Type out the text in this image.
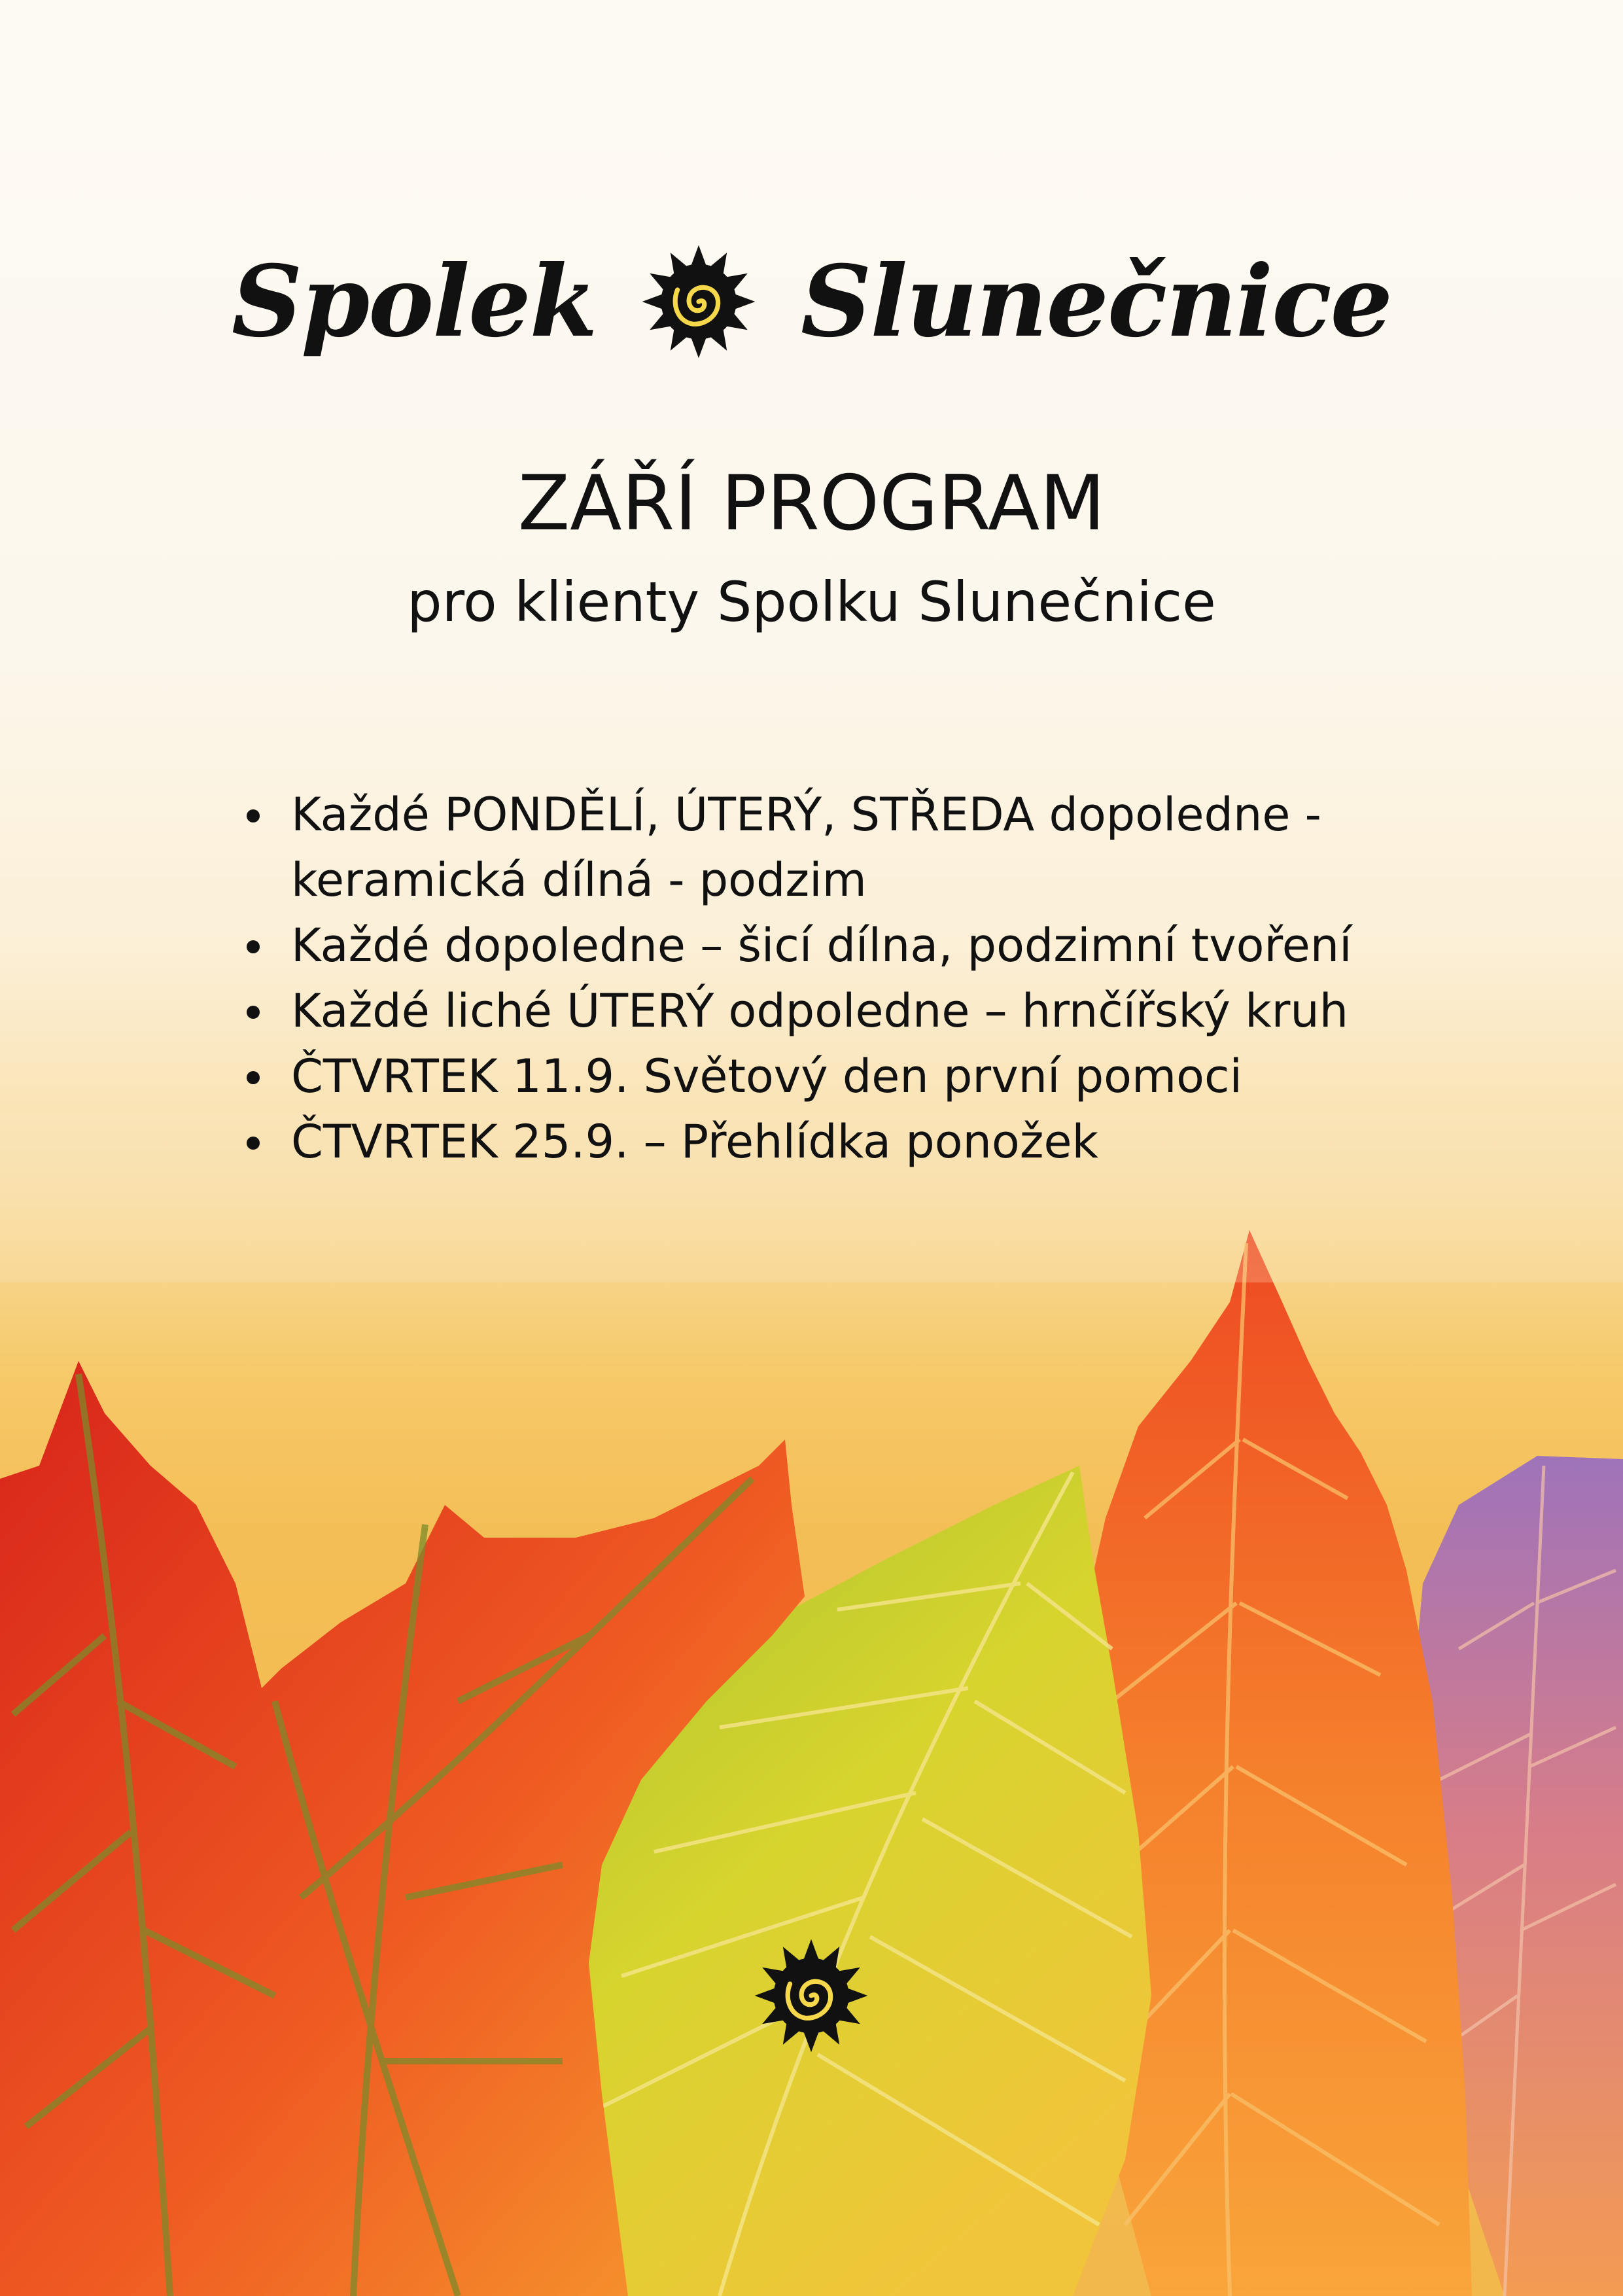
Spolek Slunečnice
ZÁŘÍ PROGRAM
pro klienty Spolku Slunečnice
Každé PONDĚLÍ, ÚTERÝ, STŘEDA dopoledne -
keramická dílná - podzim
Každé dopoledne – šicí dílna, podzimní tvoření
Každé liché ÚTERÝ odpoledne – hrnčířský kruh
ČTVRTEK 11.9. Světový den první pomoci
ČTVRTEK 25.9. – Přehlídka ponožek
